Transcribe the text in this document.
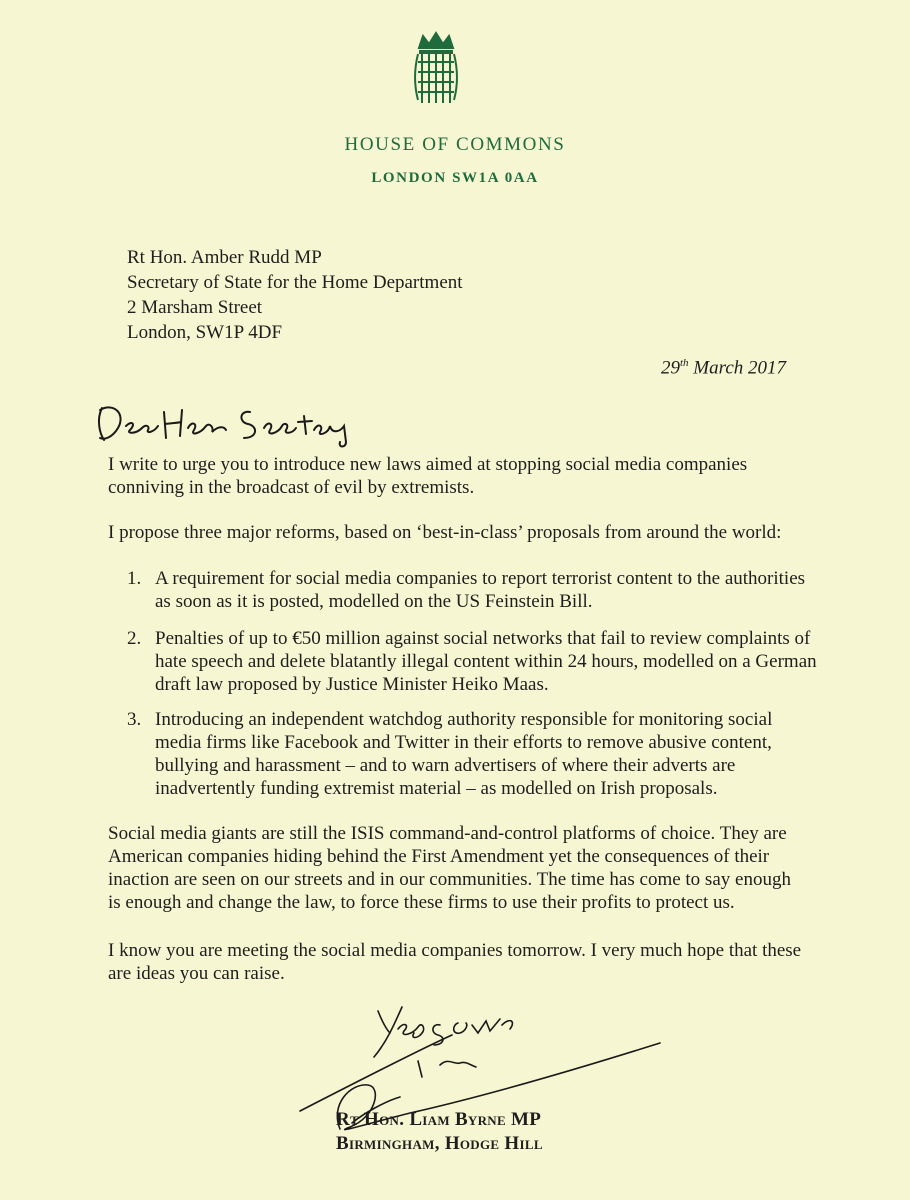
HOUSE OF COMMONS
LONDON SW1A 0AA
Rt Hon. Amber Rudd MP
Secretary of State for the Home Department
2 Marsham Street
London, SW1P 4DF
29th March 2017
I write to urge you to introduce new laws aimed at stopping social media companies conniving in the broadcast of evil by extremists.
I propose three major reforms, based on ‘best-in-class’ proposals from around the world:
1. A requirement for social media companies to report terrorist content to the authorities as soon as it is posted, modelled on the US Feinstein Bill.
2. Penalties of up to €50 million against social networks that fail to review complaints of hate speech and delete blatantly illegal content within 24 hours, modelled on a German draft law proposed by Justice Minister Heiko Maas.
3. Introducing an independent watchdog authority responsible for monitoring social media firms like Facebook and Twitter in their efforts to remove abusive content, bullying and harassment – and to warn advertisers of where their adverts are inadvertently funding extremist material – as modelled on Irish proposals.
Social media giants are still the ISIS command-and-control platforms of choice. They are American companies hiding behind the First Amendment yet the consequences of their inaction are seen on our streets and in our communities. The time has come to say enough is enough and change the law, to force these firms to use their profits to protect us.
I know you are meeting the social media companies tomorrow. I very much hope that these are ideas you can raise.
Rt Hon. Liam Byrne MP
Birmingham, Hodge Hill
